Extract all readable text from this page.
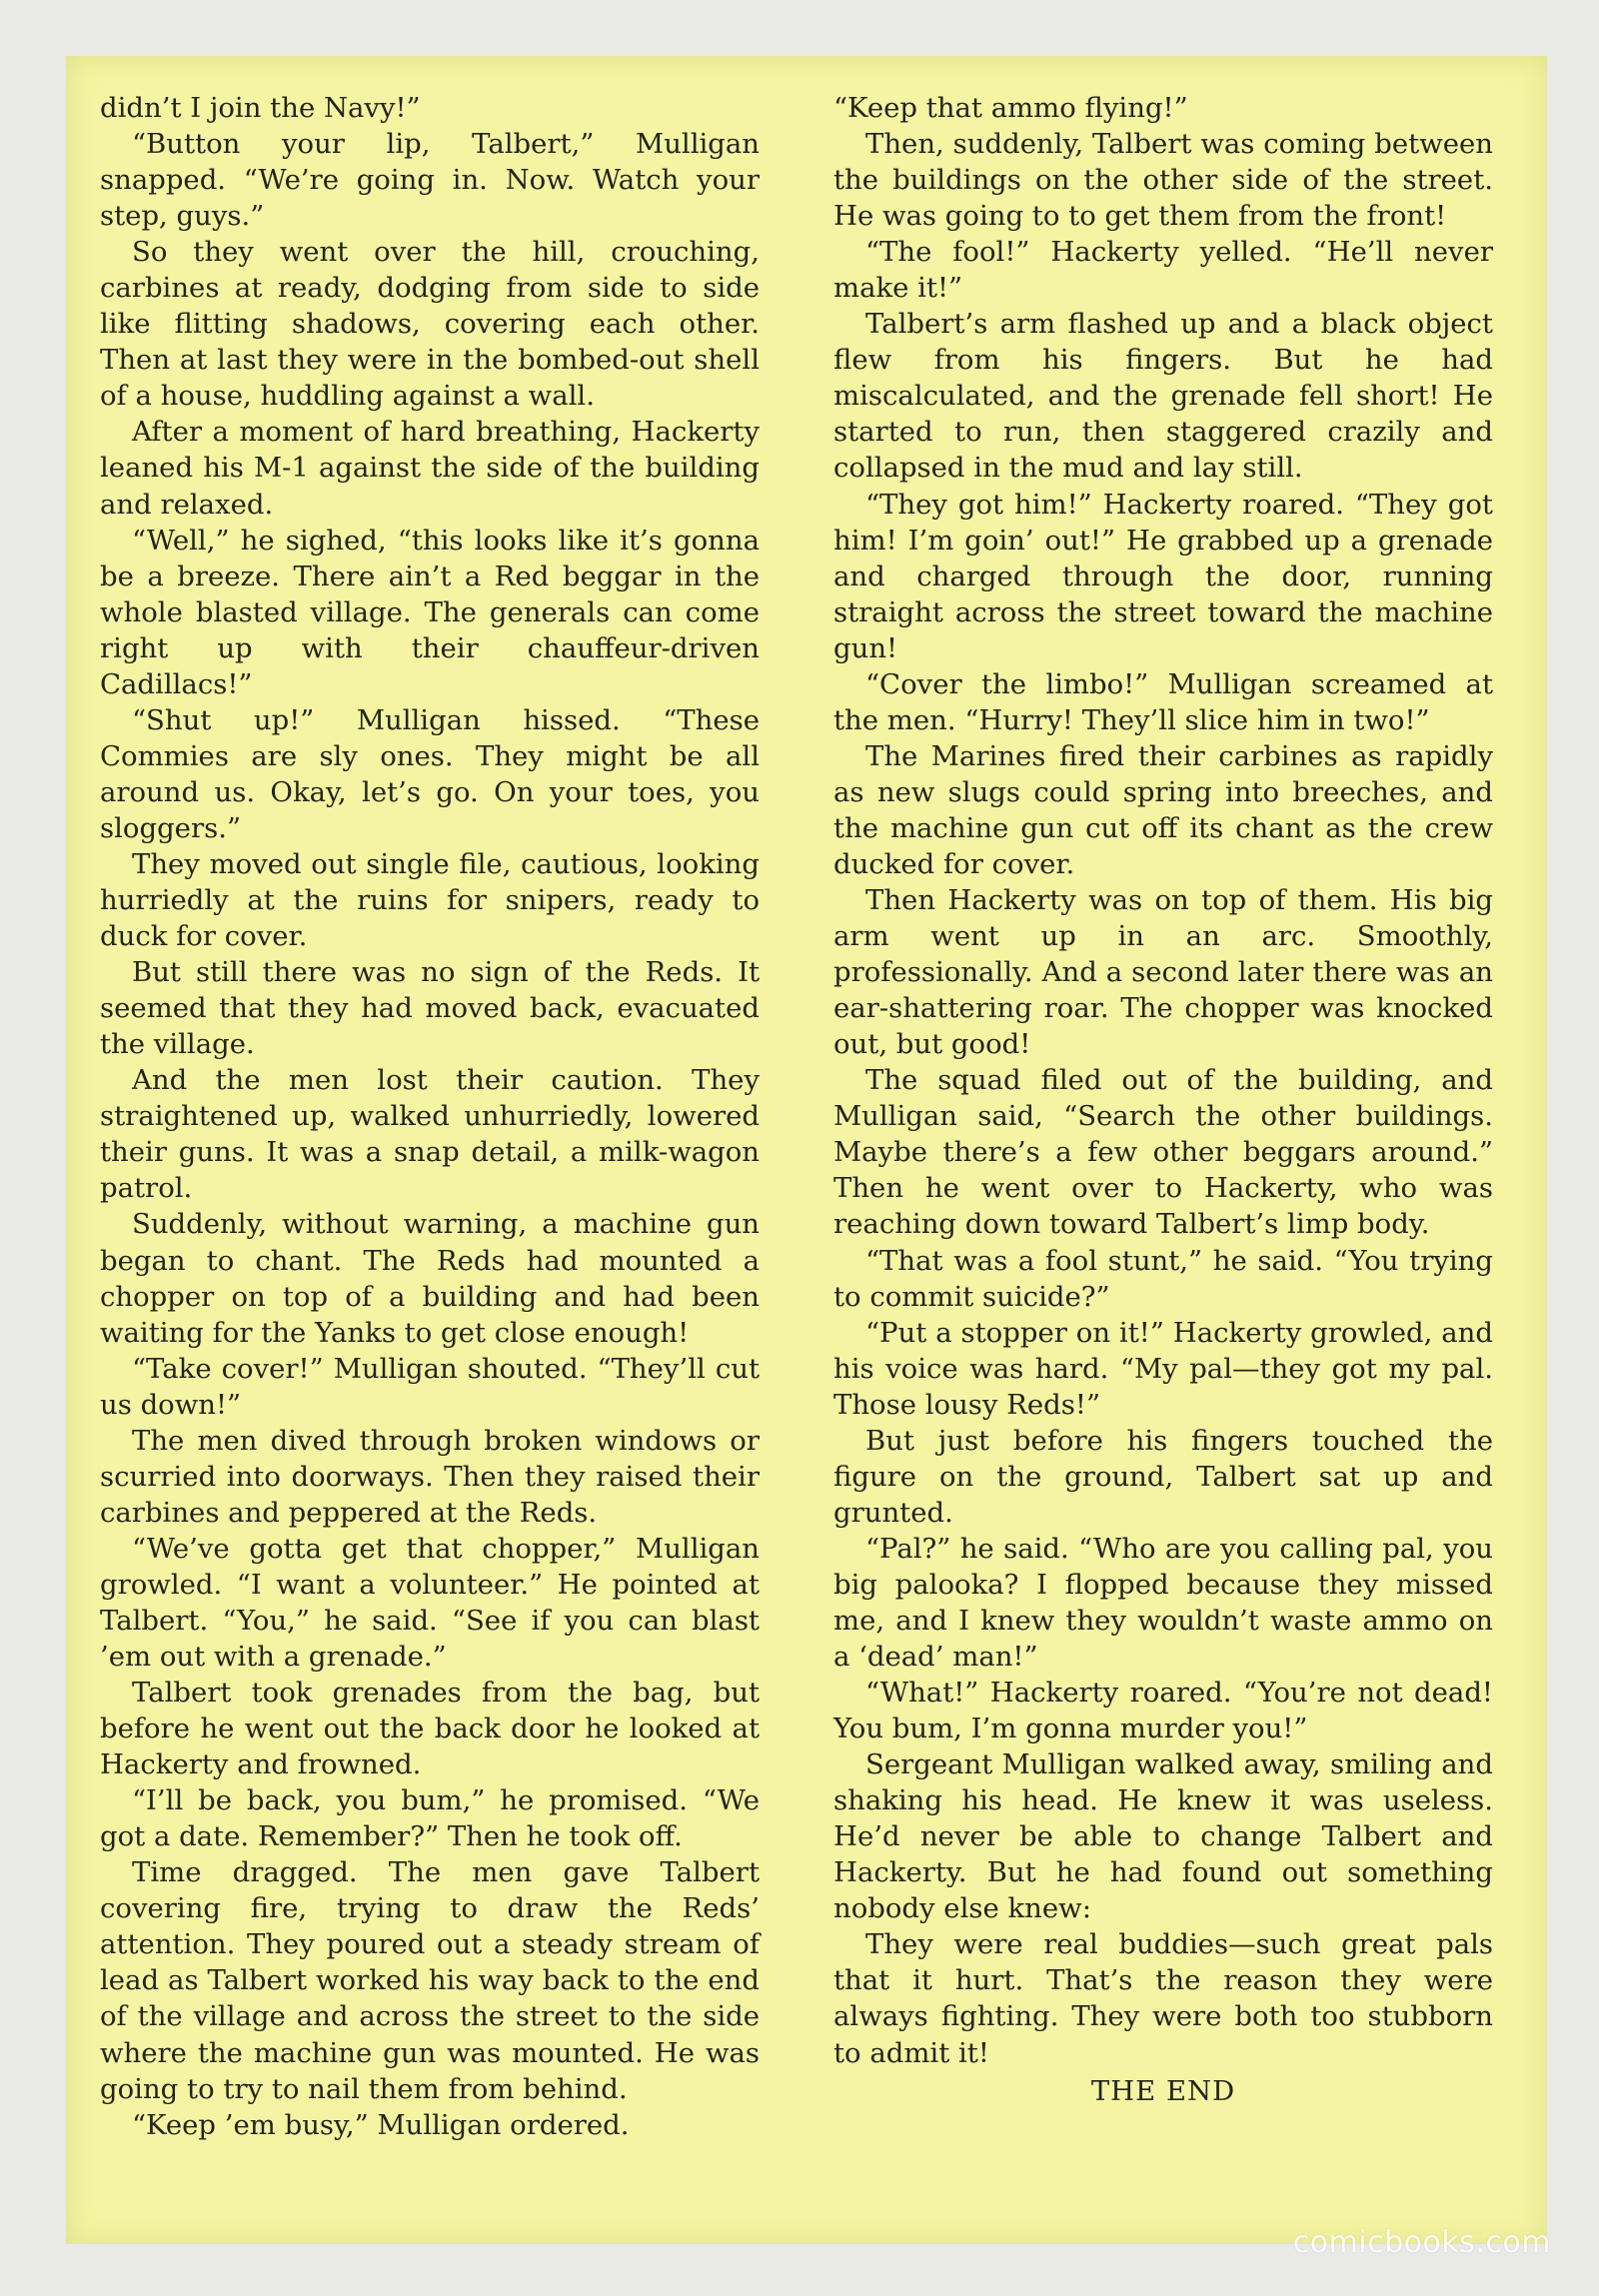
didn’t I join the Navy!”

“Button your lip, Talbert,” Mulligan snapped. “We’re going in. Now. Watch your step, guys.”

So they went over the hill, crouching, carbines at ready, dodging from side to side like flitting shadows, covering each other. Then at last they were in the bombed-out shell of a house, huddling against a wall.

After a moment of hard breathing, Hackerty leaned his M-1 against the side of the building and relaxed.

“Well,” he sighed, “this looks like it’s gonna be a breeze. There ain’t a Red beggar in the whole blasted village. The generals can come right up with their chauffeur-driven Cadillacs!”

“Shut up!” Mulligan hissed. “These Commies are sly ones. They might be all around us. Okay, let’s go. On your toes, you sloggers.”

They moved out single file, cautious, looking hurriedly at the ruins for snipers, ready to duck for cover.

But still there was no sign of the Reds. It seemed that they had moved back, evacuated the village.

And the men lost their caution. They straightened up, walked unhurriedly, lowered their guns. It was a snap detail, a milk-wagon patrol.

Suddenly, without warning, a machine gun began to chant. The Reds had mounted a chopper on top of a building and had been waiting for the Yanks to get close enough!

“Take cover!” Mulligan shouted. “They’ll cut us down!”

The men dived through broken windows or scurried into doorways. Then they raised their carbines and peppered at the Reds.

“We’ve gotta get that chopper,” Mulligan growled. “I want a volunteer.” He pointed at Talbert. “You,” he said. “See if you can blast ’em out with a grenade.”

Talbert took grenades from the bag, but before he went out the back door he looked at Hackerty and frowned.

“I’ll be back, you bum,” he promised. “We got a date. Remember?” Then he took off.

Time dragged. The men gave Talbert covering fire, trying to draw the Reds’ attention. They poured out a steady stream of lead as Talbert worked his way back to the end of the village and across the street to the side where the machine gun was mounted. He was going to try to nail them from behind.

“Keep ’em busy,” Mulligan ordered.

“Keep that ammo flying!”

Then, suddenly, Talbert was coming between the buildings on the other side of the street. He was going to to get them from the front!

“The fool!” Hackerty yelled. “He’ll never make it!”

Talbert’s arm flashed up and a black object flew from his fingers. But he had miscalculated, and the grenade fell short! He started to run, then staggered crazily and collapsed in the mud and lay still.

“They got him!” Hackerty roared. “They got him! I’m goin’ out!” He grabbed up a grenade and charged through the door, running straight across the street toward the machine gun!

“Cover the limbo!” Mulligan screamed at the men. “Hurry! They’ll slice him in two!”

The Marines fired their carbines as rapidly as new slugs could spring into breeches, and the machine gun cut off its chant as the crew ducked for cover.

Then Hackerty was on top of them. His big arm went up in an arc. Smoothly, professionally. And a second later there was an ear-shattering roar. The chopper was knocked out, but good!

The squad filed out of the building, and Mulligan said, “Search the other buildings. Maybe there’s a few other beggars around.” Then he went over to Hackerty, who was reaching down toward Talbert’s limp body.

“That was a fool stunt,” he said. “You trying to commit suicide?”

“Put a stopper on it!” Hackerty growled, and his voice was hard. “My pal—they got my pal. Those lousy Reds!”

But just before his fingers touched the figure on the ground, Talbert sat up and grunted.

“Pal?” he said. “Who are you calling pal, you big palooka? I flopped because they missed me, and I knew they wouldn’t waste ammo on a ‘dead’ man!”

“What!” Hackerty roared. “You’re not dead! You bum, I’m gonna murder you!”

Sergeant Mulligan walked away, smiling and shaking his head. He knew it was useless. He’d never be able to change Talbert and Hackerty. But he had found out something nobody else knew:

They were real buddies—such great pals that it hurt. That’s the reason they were always fighting. They were both too stubborn to admit it!

THE END

comicbooks.com
